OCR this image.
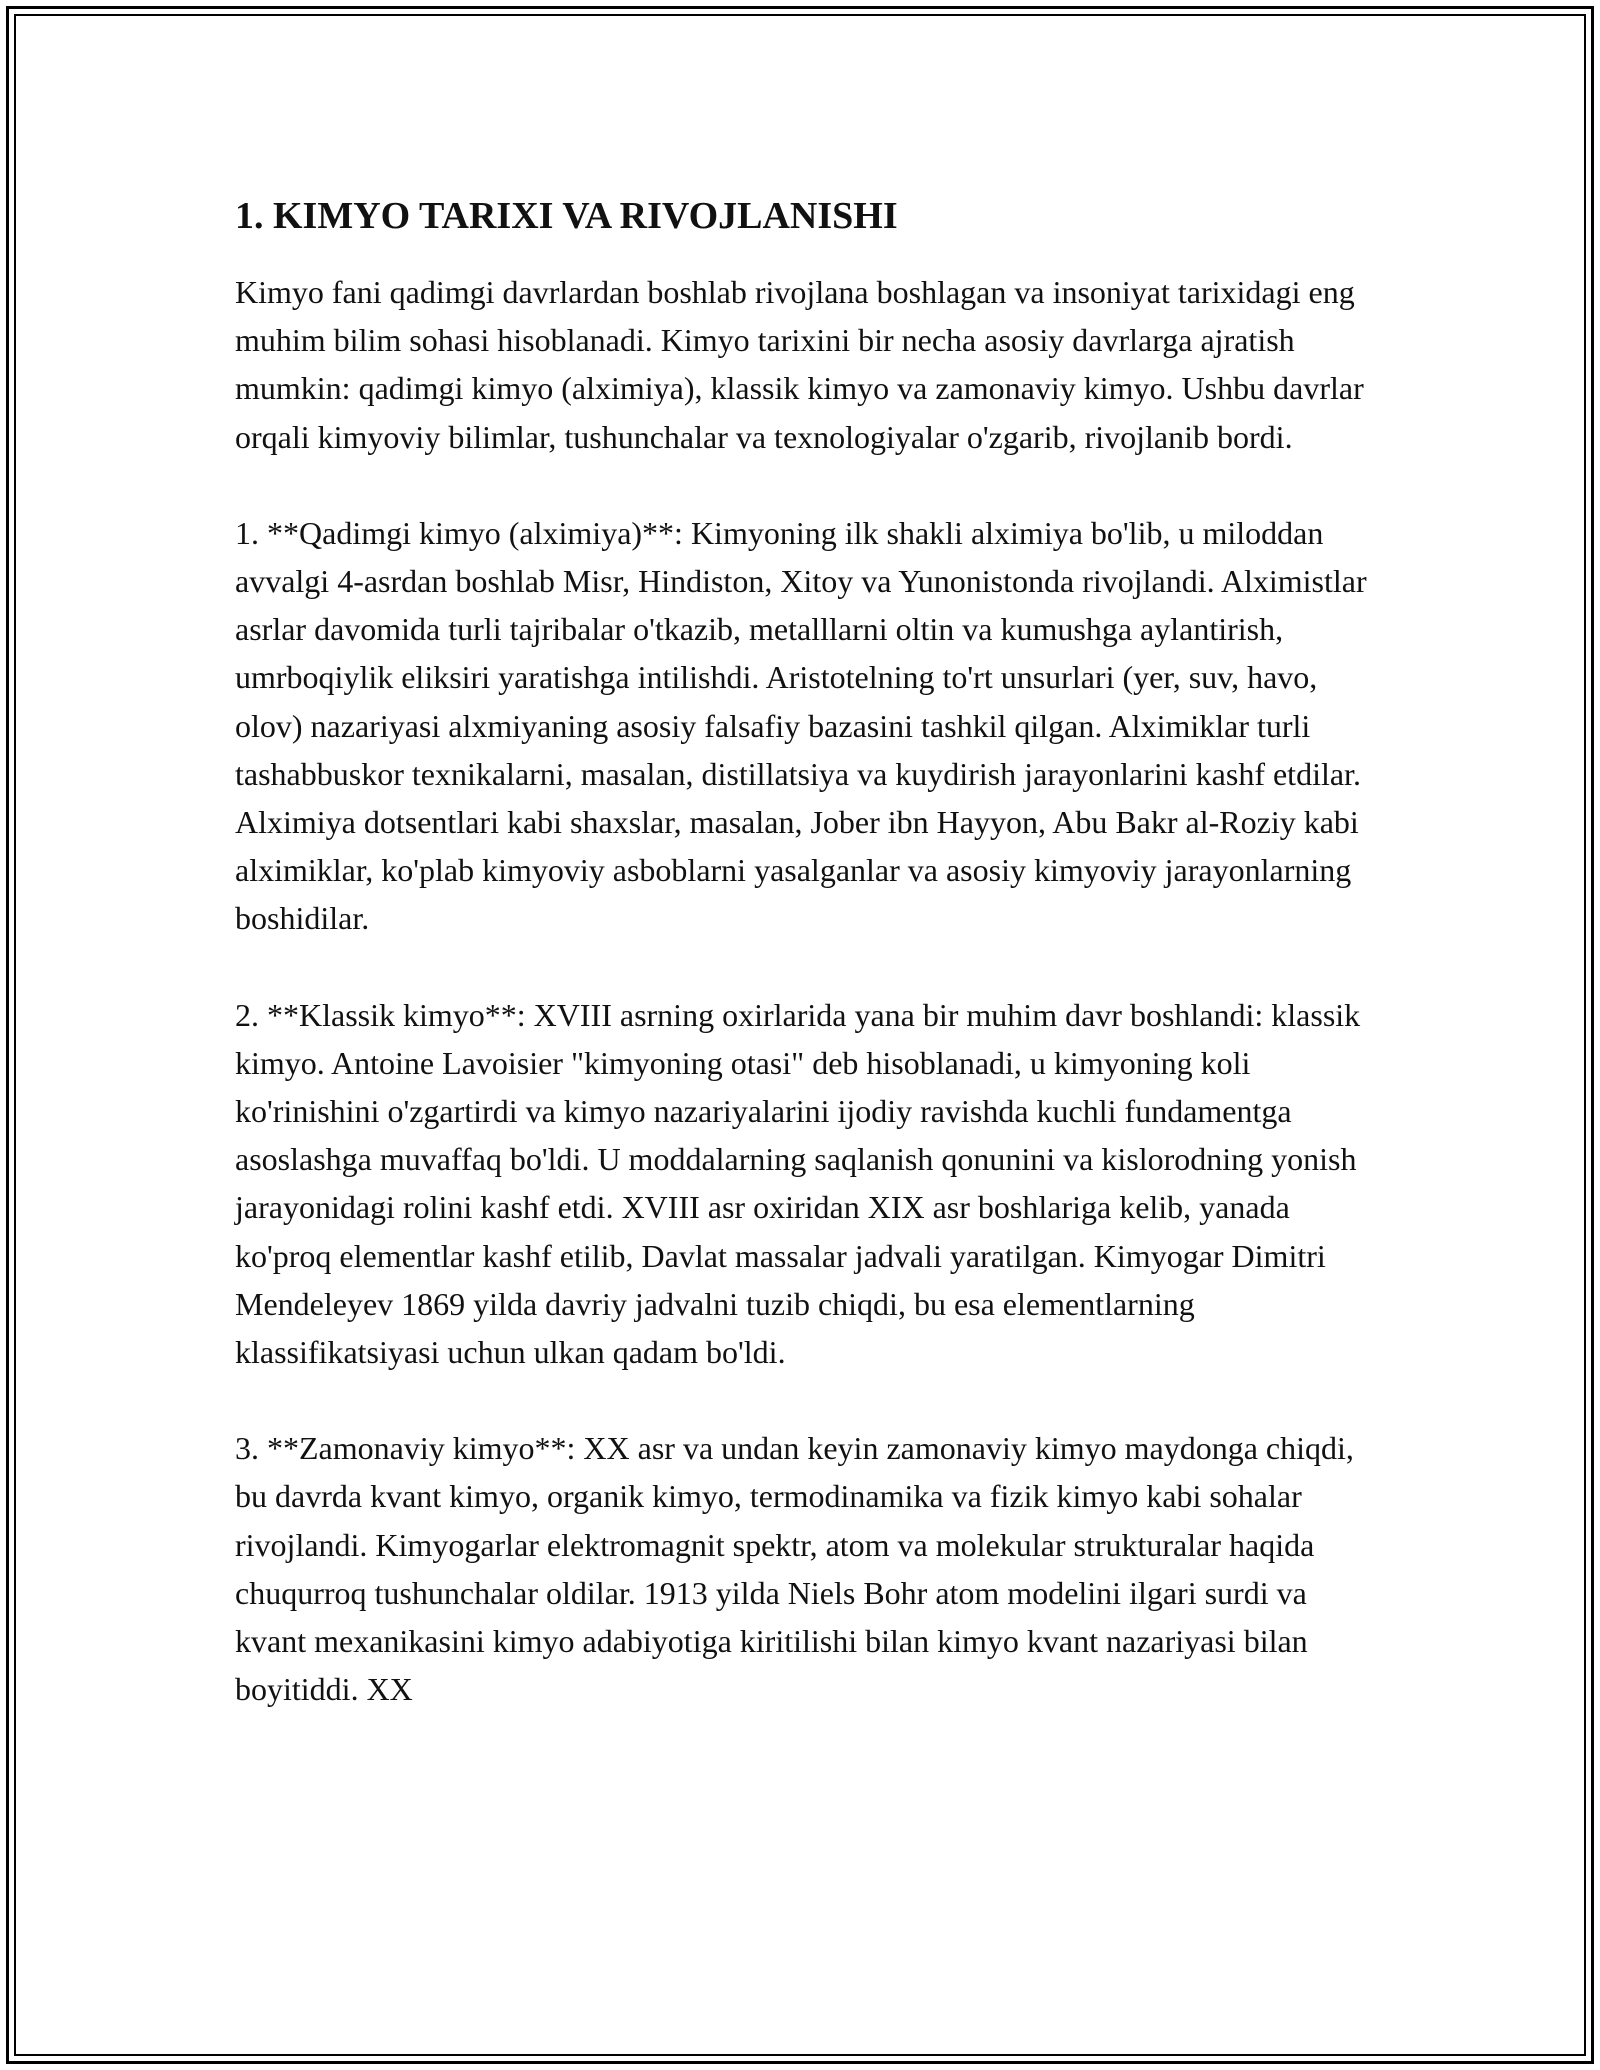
1. KIMYO TARIXI VA RIVOJLANISHI

Kimyo fani qadimgi davrlardan boshlab rivojlana boshlagan va insoniyat tarixidagi eng muhim bilim sohasi hisoblanadi. Kimyo tarixini bir necha asosiy davrlarga ajratish mumkin: qadimgi kimyo (alximiya), klassik kimyo va zamonaviy kimyo. Ushbu davrlar orqali kimyoviy bilimlar, tushunchalar va texnologiyalar o'zgarib, rivojlanib bordi.

1. **Qadimgi kimyo (alximiya)**: Kimyoning ilk shakli alximiya bo'lib, u miloddan avvalgi 4-asrdan boshlab Misr, Hindiston, Xitoy va Yunonistonda rivojlandi. Alximistlar asrlar davomida turli tajribalar o'tkazib, metalllarni oltin va kumushga aylantirish, umrboqiylik eliksiri yaratishga intilishdi. Aristotelning to'rt unsurlari (yer, suv, havo, olov) nazariyasi alxmiyaning asosiy falsafiy bazasini tashkil qilgan. Alximiklar turli tashabbuskor texnikalarni, masalan, distillatsiya va kuydirish jarayonlarini kashf etdilar. Alximiya dotsentlari kabi shaxslar, masalan, Jober ibn Hayyon, Abu Bakr al-Roziy kabi alximiklar, ko'plab kimyoviy asboblarni yasalganlar va asosiy kimyoviy jarayonlarning boshidilar.

2. **Klassik kimyo**: XVIII asrning oxirlarida yana bir muhim davr boshlandi: klassik kimyo. Antoine Lavoisier "kimyoning otasi" deb hisoblanadi, u kimyoning koli ko'rinishini o'zgartirdi va kimyo nazariyalarini ijodiy ravishda kuchli fundamentga asoslashga muvaffaq bo'ldi. U moddalarning saqlanish qonunini va kislorodning yonish jarayonidagi rolini kashf etdi. XVIII asr oxiridan XIX asr boshlariga kelib, yanada ko'proq elementlar kashf etilib, Davlat massalar jadvali yaratilgan. Kimyogar Dimitri Mendeleyev 1869 yilda davriy jadvalni tuzib chiqdi, bu esa elementlarning klassifikatsiyasi uchun ulkan qadam bo'ldi.

3. **Zamonaviy kimyo**: XX asr va undan keyin zamonaviy kimyo maydonga chiqdi, bu davrda kvant kimyo, organik kimyo, termodinamika va fizik kimyo kabi sohalar rivojlandi. Kimyogarlar elektromagnit spektr, atom va molekular strukturalar haqida chuqurroq tushunchalar oldilar. 1913 yilda Niels Bohr atom modelini ilgari surdi va kvant mexanikasini kimyo adabiyotiga kiritilishi bilan kimyo kvant nazariyasi bilan boyitiddi. XX
